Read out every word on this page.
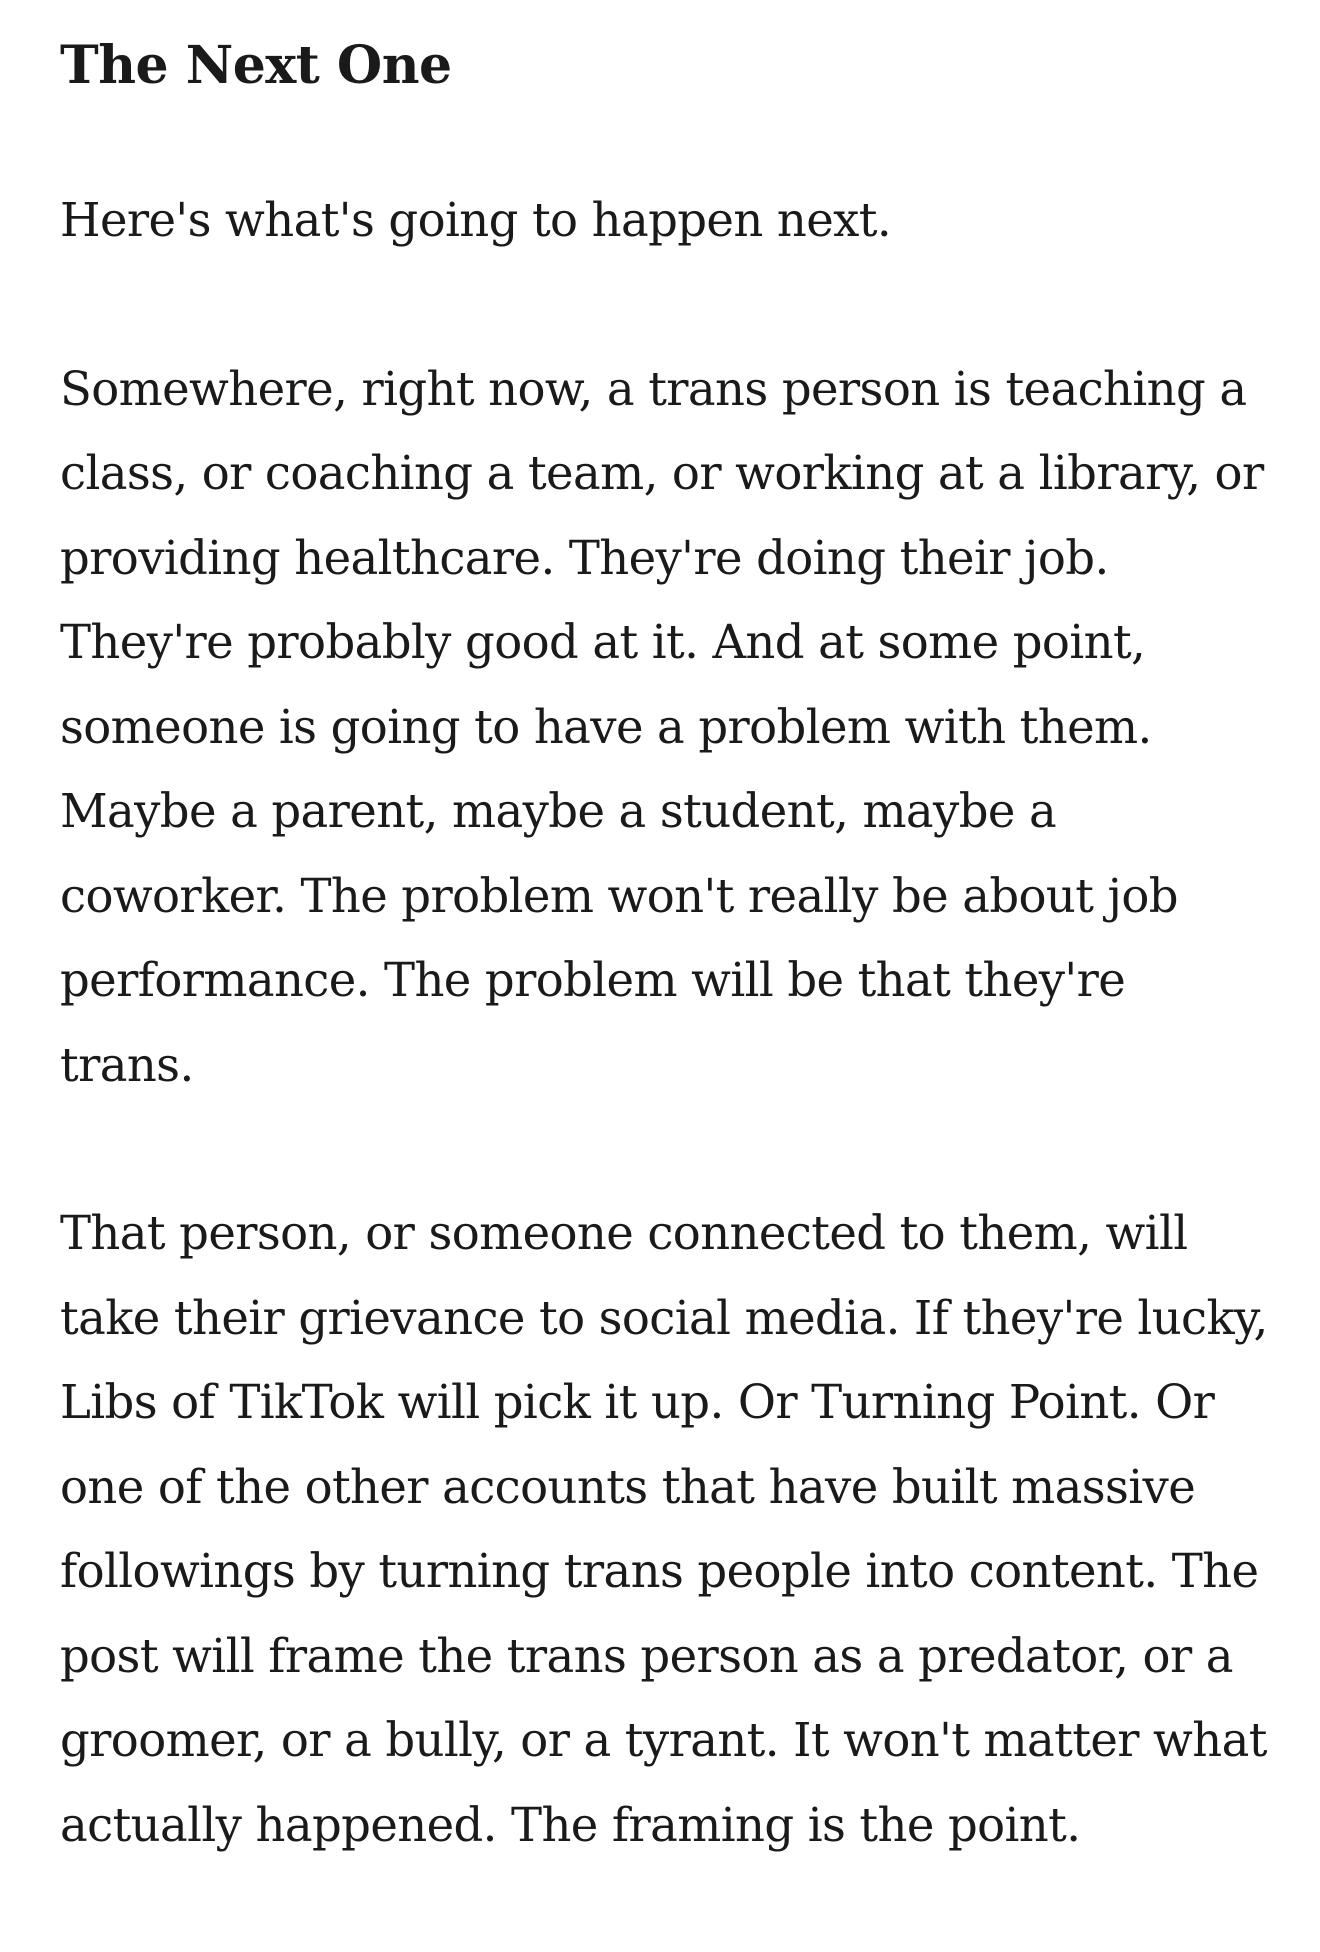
The Next One

Here's what's going to happen next.

Somewhere, right now, a trans person is teaching a class, or coaching a team, or working at a library, or providing healthcare. They're doing their job. They're probably good at it. And at some point, someone is going to have a problem with them. Maybe a parent, maybe a student, maybe a coworker. The problem won't really be about job performance. The problem will be that they're trans.

That person, or someone connected to them, will take their grievance to social media. If they're lucky, Libs of TikTok will pick it up. Or Turning Point. Or one of the other accounts that have built massive followings by turning trans people into content. The post will frame the trans person as a predator, or a groomer, or a bully, or a tyrant. It won't matter what actually happened. The framing is the point.
